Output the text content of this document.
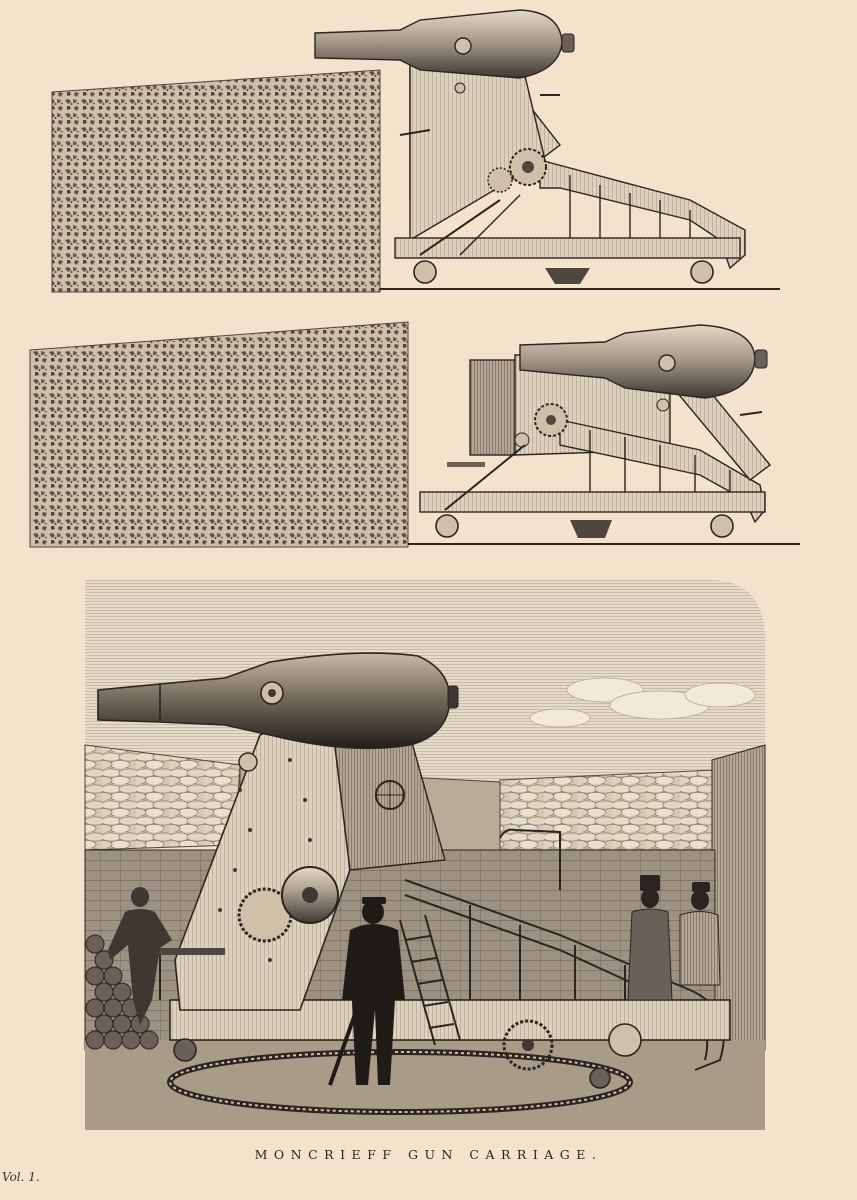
MONCRIEFF GUN CARRIAGE.
Vol. 1.
